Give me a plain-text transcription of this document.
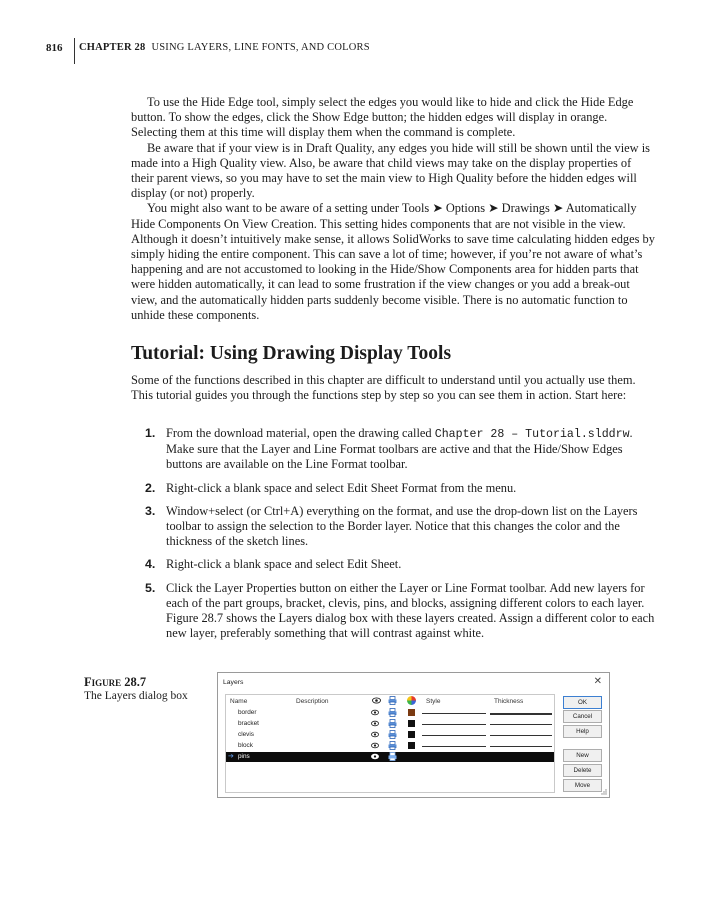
816 CHAPTER 28 USING LAYERS, LINE FONTS, AND COLORS

To use the Hide Edge tool, simply select the edges you would like to hide and click the Hide Edge button. To show the edges, click the Show Edge button; the hidden edges will display in orange. Selecting them at this time will display them when the command is complete.

Be aware that if your view is in Draft Quality, any edges you hide will still be shown until the view is made into a High Quality view. Also, be aware that child views may take on the display properties of their parent views, so you may have to set the main view to High Quality before the hidden edges will display (or not) properly.

You might also want to be aware of a setting under Tools ➤ Options ➤ Drawings ➤ Automatically Hide Components On View Creation. This setting hides components that are not visible in the view. Although it doesn’t intuitively make sense, it allows SolidWorks to save time calculating hidden edges by simply hiding the entire component. This can save a lot of time; however, if you’re not aware of what’s happening and are not accustomed to looking in the Hide/Show Components area for hidden parts that were hidden automatically, it can lead to some frustration if the view changes or you add a break-out view, and the automatically hidden parts suddenly become visible. There is no automatic function to unhide these components.

Tutorial: Using Drawing Display Tools

Some of the functions described in this chapter are difficult to understand until you actually use them. This tutorial guides you through the functions step by step so you can see them in action. Start here:

1. From the download material, open the drawing called Chapter 28 – Tutorial.slddrw. Make sure that the Layer and Line Format toolbars are active and that the Hide/Show Edges buttons are available on the Line Format toolbar.
2. Right-click a blank space and select Edit Sheet Format from the menu.
3. Window+select (or Ctrl+A) everything on the format, and use the drop-down list on the Layers toolbar to assign the selection to the Border layer. Notice that this changes the color and the thickness of the sketch lines.
4. Right-click a blank space and select Edit Sheet.
5. Click the Layer Properties button on either the Layer or Line Format toolbar. Add new layers for each of the part groups, bracket, clevis, pins, and blocks, assigning different colors to each layer. Figure 28.7 shows the Layers dialog box with these layers created. Assign a different color to each new layer, preferably something that will contrast against white.
Figure 28.7
The Layers dialog box
Layers	✕
Name	Description	Style	Thickness
border
bracket
clevis
block
➔ pins
OK
Cancel
Help
New
Delete
Move
